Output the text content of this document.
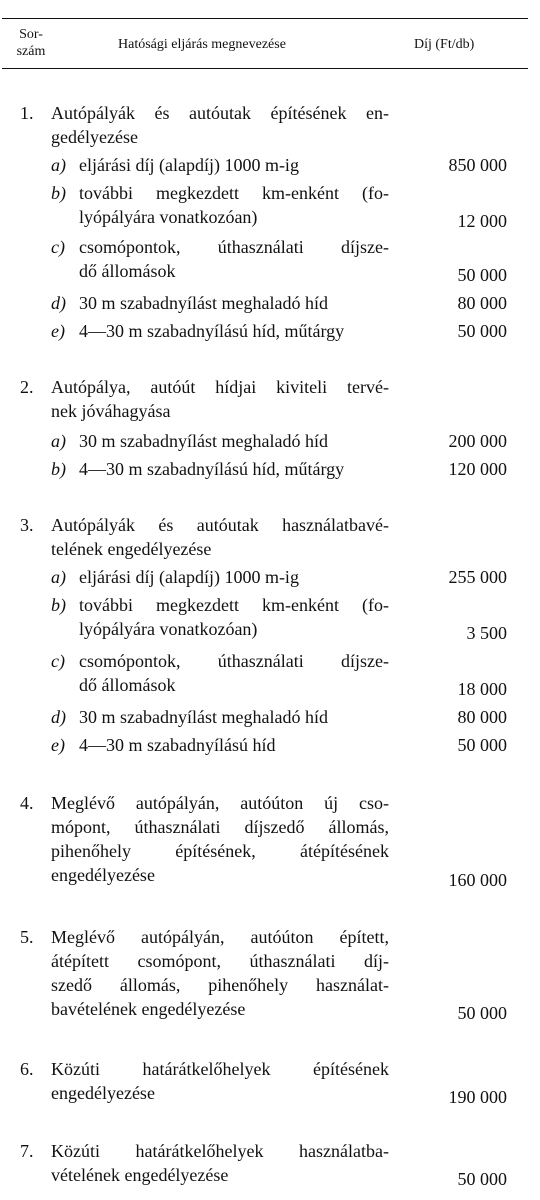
Sor-
szám	Hatósági eljárás megnevezése	Díj (Ft/db)
1. Autópályák és autóutak építésének en-
gedélyezése
a) eljárási díj (alapdíj) 1000 m-ig	850 000
b) további megkezdett km-enként (fo-
lyópályára vonatkozóan)	12 000
c) csomópontok, úthasználati díjsze-
dő állomások	50 000
d) 30 m szabadnyílást meghaladó híd	80 000
e) 4—30 m szabadnyílású híd, műtárgy	50 000
2. Autópálya, autóút hídjai kiviteli tervé-
nek jóváhagyása
a) 30 m szabadnyílást meghaladó híd	200 000
b) 4—30 m szabadnyílású híd, műtárgy	120 000
3. Autópályák és autóutak használatbavé-
telének engedélyezése
a) eljárási díj (alapdíj) 1000 m-ig	255 000
b) további megkezdett km-enként (fo-
lyópályára vonatkozóan)	3 500
c) csomópontok, úthasználati díjsze-
dő állomások	18 000
d) 30 m szabadnyílást meghaladó híd	80 000
e) 4—30 m szabadnyílású híd	50 000
4. Meglévő autópályán, autóúton új cso-
mópont, úthasználati díjszedő állomás,
pihenőhely építésének, átépítésének
engedélyezése	160 000
5. Meglévő autópályán, autóúton épített,
átépített csomópont, úthasználati díj-
szedő állomás, pihenőhely használat-
bavételének engedélyezése	50 000
6. Közúti határátkelőhelyek építésének
engedélyezése	190 000
7. Közúti határátkelőhelyek használatba-
vételének engedélyezése	50 000
